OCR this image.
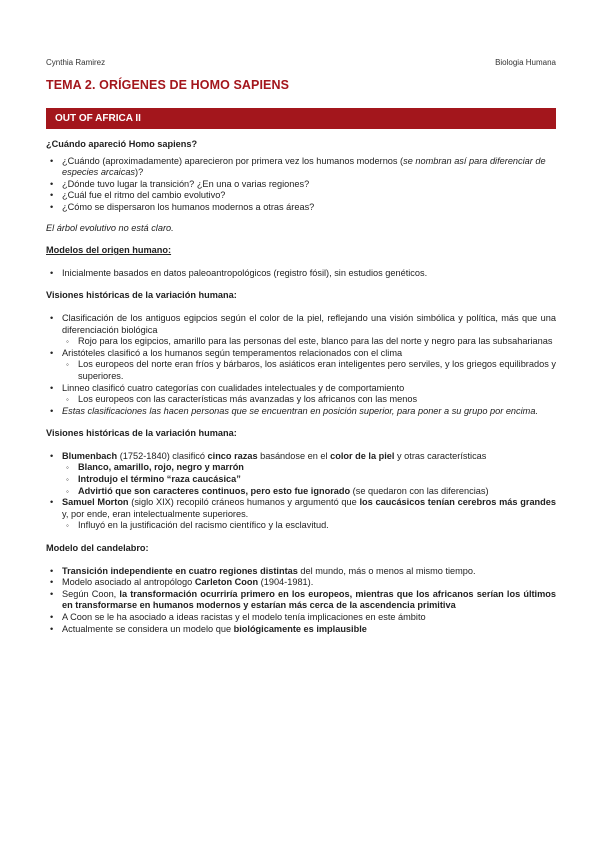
Cynthia Ramirez	Biologia Humana
TEMA 2. ORÍGENES DE HOMO SAPIENS
OUT OF AFRICA II

¿Cuándo apareció Homo sapiens?

• ¿Cuándo (aproximadamente) aparecieron por primera vez los humanos modernos (se nombran así para diferenciar de especies arcaicas)?
• ¿Dónde tuvo lugar la transición? ¿En una o varias regiones?
• ¿Cuál fue el ritmo del cambio evolutivo?
• ¿Cómo se dispersaron los humanos modernos a otras áreas?

El árbol evolutivo no está claro.

Modelos del origen humano:

• Inicialmente basados en datos paleoantropológicos (registro fósil), sin estudios genéticos.

Visiones históricas de la variación humana:

• Clasificación de los antiguos egipcios según el color de la piel, reflejando una visión simbólica y política, más que una diferenciación biológica
◦ Rojo para los egipcios, amarillo para las personas del este, blanco para las del norte y negro para las subsaharianas
• Aristóteles clasificó a los humanos según temperamentos relacionados con el clima
◦ Los europeos del norte eran fríos y bárbaros, los asiáticos eran inteligentes pero serviles, y los griegos equilibrados y superiores.
• Linneo clasificó cuatro categorías con cualidades intelectuales y de comportamiento
◦ Los europeos con las características más avanzadas y los africanos con las menos
• Estas clasificaciones las hacen personas que se encuentran en posición superior, para poner a su grupo por encima.

Visiones históricas de la variación humana:

• Blumenbach (1752-1840) clasificó cinco razas basándose en el color de la piel y otras características
◦ Blanco, amarillo, rojo, negro y marrón
◦ Introdujo el término “raza caucásica”
◦ Advirtió que son caracteres continuos, pero esto fue ignorado (se quedaron con las diferencias)
• Samuel Morton (siglo XIX) recopiló cráneos humanos y argumentó que los caucásicos tenían cerebros más grandes y, por ende, eran intelectualmente superiores.
◦ Influyó en la justificación del racismo científico y la esclavitud.

Modelo del candelabro:

• Transición independiente en cuatro regiones distintas del mundo, más o menos al mismo tiempo.
• Modelo asociado al antropólogo Carleton Coon (1904-1981).
• Según Coon, la transformación ocurriría primero en los europeos, mientras que los africanos serían los últimos en transformarse en humanos modernos y estarían más cerca de la ascendencia primitiva
• A Coon se le ha asociado a ideas racistas y el modelo tenía implicaciones en este ámbito
• Actualmente se considera un modelo que biológicamente es implausible
